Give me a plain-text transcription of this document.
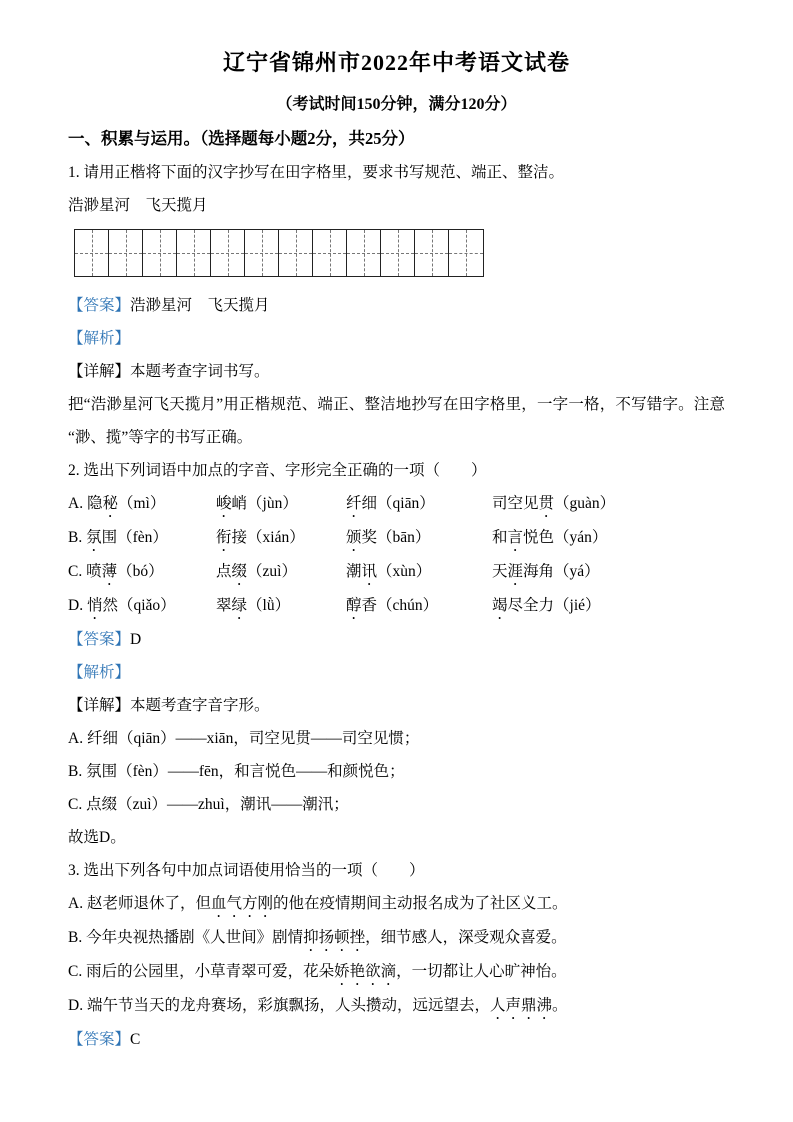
辽宁省锦州市2022年中考语文试卷
（考试时间150分钟，满分120分）
一、积累与运用。（选择题每小题2分，共25分）

1. 请用正楷将下面的汉字抄写在田字格里，要求书写规范、端正、整洁。

浩渺星河　飞天揽月

【答案】浩渺星河　飞天揽月

【解析】

【详解】本题考查字词书写。

把“浩渺星河飞天揽月”用正楷规范、端正、整洁地抄写在田字格里，一字一格，不写错字。注意“渺、揽”等字的书写正确。

2. 选出下列词语中加点的字音、字形完全正确的一项（　　）

A. 隐秘（mì）	峻峭（jùn）	纤细（qiān）	司空见贯（guàn）
B. 氛围（fèn）	衔接（xián）	颁奖（bān）	和言悦色（yán）
C. 喷薄（bó）	点缀（zuì）	潮讯（xùn）	天涯海角（yá）
D. 悄然（qiǎo）	翠绿（lǜ）	醇香（chún）	竭尽全力（jié）

【答案】D

【解析】

【详解】本题考查字音字形。

A. 纤细（qiān）——xiān，司空见贯——司空见惯；

B. 氛围（fèn）——fēn，和言悦色——和颜悦色；

C. 点缀（zuì）——zhuì，潮讯——潮汛；

故选D。

3. 选出下列各句中加点词语使用恰当的一项（　　）

A. 赵老师退休了，但血气方刚的他在疫情期间主动报名成为了社区义工。

B. 今年央视热播剧《人世间》剧情抑扬顿挫，细节感人，深受观众喜爱。

C. 雨后的公园里，小草青翠可爱，花朵娇艳欲滴，一切都让人心旷神怡。

D. 端午节当天的龙舟赛场，彩旗飘扬，人头攒动，远远望去，人声鼎沸。

【答案】C
